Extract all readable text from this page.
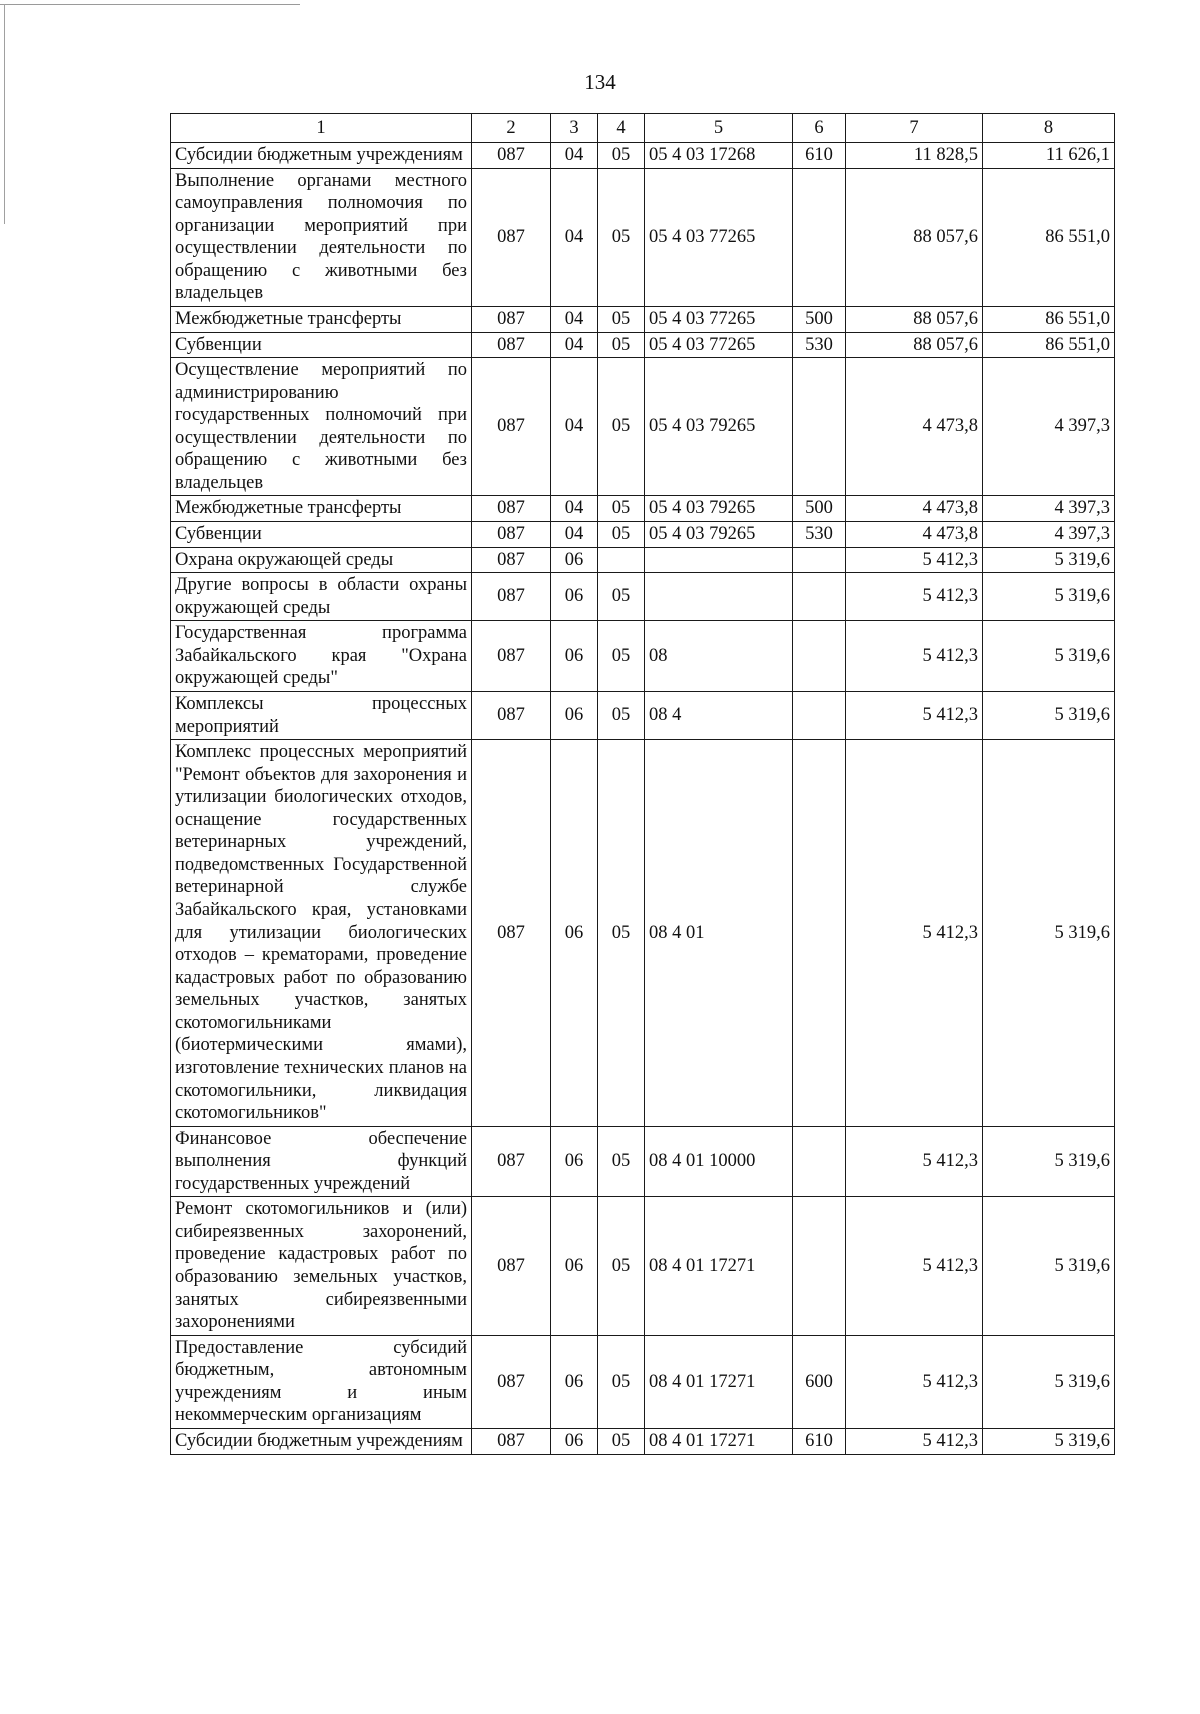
134
1	2	3	4	5	6	7	8
Субсидии бюджетным учреждениям	087	04	05	05 4 03 17268	610	11 828,5	11 626,1
Выполнение органами местного самоуправления полномочия по организации мероприятий при осуществлении деятельности по обращению с животными без владельцев	087	04	05	05 4 03 77265		88 057,6	86 551,0
Межбюджетные трансферты	087	04	05	05 4 03 77265	500	88 057,6	86 551,0
Субвенции	087	04	05	05 4 03 77265	530	88 057,6	86 551,0
Осуществление мероприятий по администрированию государственных полномочий при осуществлении деятельности по обращению с животными без владельцев	087	04	05	05 4 03 79265		4 473,8	4 397,3
Межбюджетные трансферты	087	04	05	05 4 03 79265	500	4 473,8	4 397,3
Субвенции	087	04	05	05 4 03 79265	530	4 473,8	4 397,3
Охрана окружающей среды	087	06				5 412,3	5 319,6
Другие вопросы в области охраны окружающей среды	087	06	05			5 412,3	5 319,6
Государственная программа Забайкальского края "Охрана окружающей среды"	087	06	05	08		5 412,3	5 319,6
Комплексы процессных мероприятий	087	06	05	08 4		5 412,3	5 319,6
Комплекс процессных мероприятий "Ремонт объектов для захоронения и утилизации биологических отходов, оснащение государственных ветеринарных учреждений, подведомственных Государственной ветеринарной службе Забайкальского края, установками для утилизации биологических отходов – крематорами, проведение кадастровых работ по образованию земельных участков, занятых скотомогильниками (биотермическими ямами), изготовление технических планов на скотомогильники, ликвидация скотомогильников"	087	06	05	08 4 01		5 412,3	5 319,6
Финансовое обеспечение выполнения функций государственных учреждений	087	06	05	08 4 01 10000		5 412,3	5 319,6
Ремонт скотомогильников и (или) сибиреязвенных захоронений, проведение кадастровых работ по образованию земельных участков, занятых сибиреязвенными захоронениями	087	06	05	08 4 01 17271		5 412,3	5 319,6
Предоставление субсидий бюджетным, автономным учреждениям и иным некоммерческим организациям	087	06	05	08 4 01 17271	600	5 412,3	5 319,6
Субсидии бюджетным учреждениям	087	06	05	08 4 01 17271	610	5 412,3	5 319,6
